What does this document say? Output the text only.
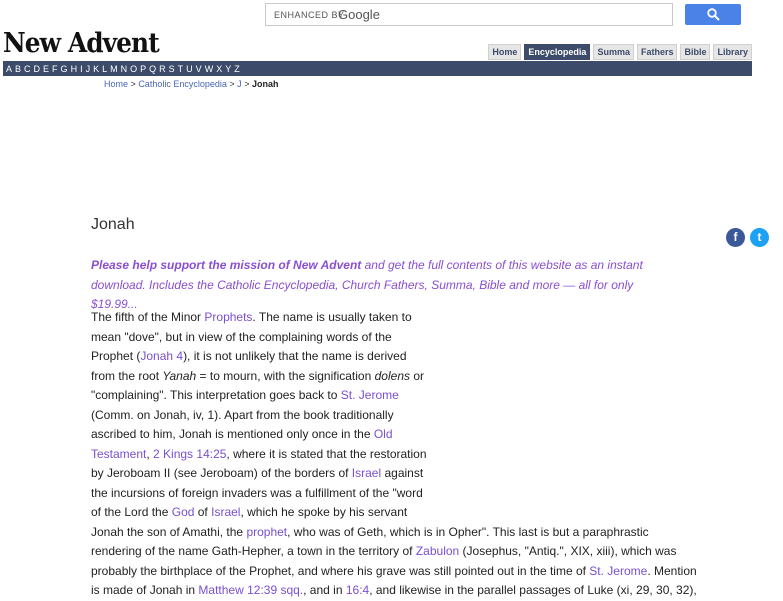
ENHANCED BY
Google
New Advent	Home	Encyclopedia	Summa	Fathers	Bible	Library
A B C D E F G H I J K L M N O P Q R S T U V W X Y Z
Home > Catholic Encyclopedia > J > Jonah
Jonah
f	t
Please help support the mission of New Advent and get the full contents of this website as an instant download. Includes the Catholic Encyclopedia, Church Fathers, Summa, Bible and more — all for only $19.99...
The fifth of the Minor Prophets. The name is usually taken to
mean "dove", but in view of the complaining words of the
Prophet (Jonah 4), it is not unlikely that the name is derived
from the root Yanah = to mourn, with the signification dolens or
"complaining". This interpretation goes back to St. Jerome
(Comm. on Jonah, iv, 1). Apart from the book traditionally
ascribed to him, Jonah is mentioned only once in the Old
Testament, 2 Kings 14:25, where it is stated that the restoration
by Jeroboam II (see Jeroboam) of the borders of Israel against
the incursions of foreign invaders was a fulfillment of the "word
of the Lord the God of Israel, which he spoke by his servant
Jonah the son of Amathi, the prophet, who was of Geth, which is in Opher". This last is but a paraphrastic
rendering of the name Gath-Hepher, a town in the territory of Zabulon (Josephus, "Antiq.", XIX, xiii), which was
probably the birthplace of the Prophet, and where his grave was still pointed out in the time of St. Jerome. Mention
is made of Jonah in Matthew 12:39 sqq., and in 16:4, and likewise in the parallel passages of Luke (xi, 29, 30, 32),
